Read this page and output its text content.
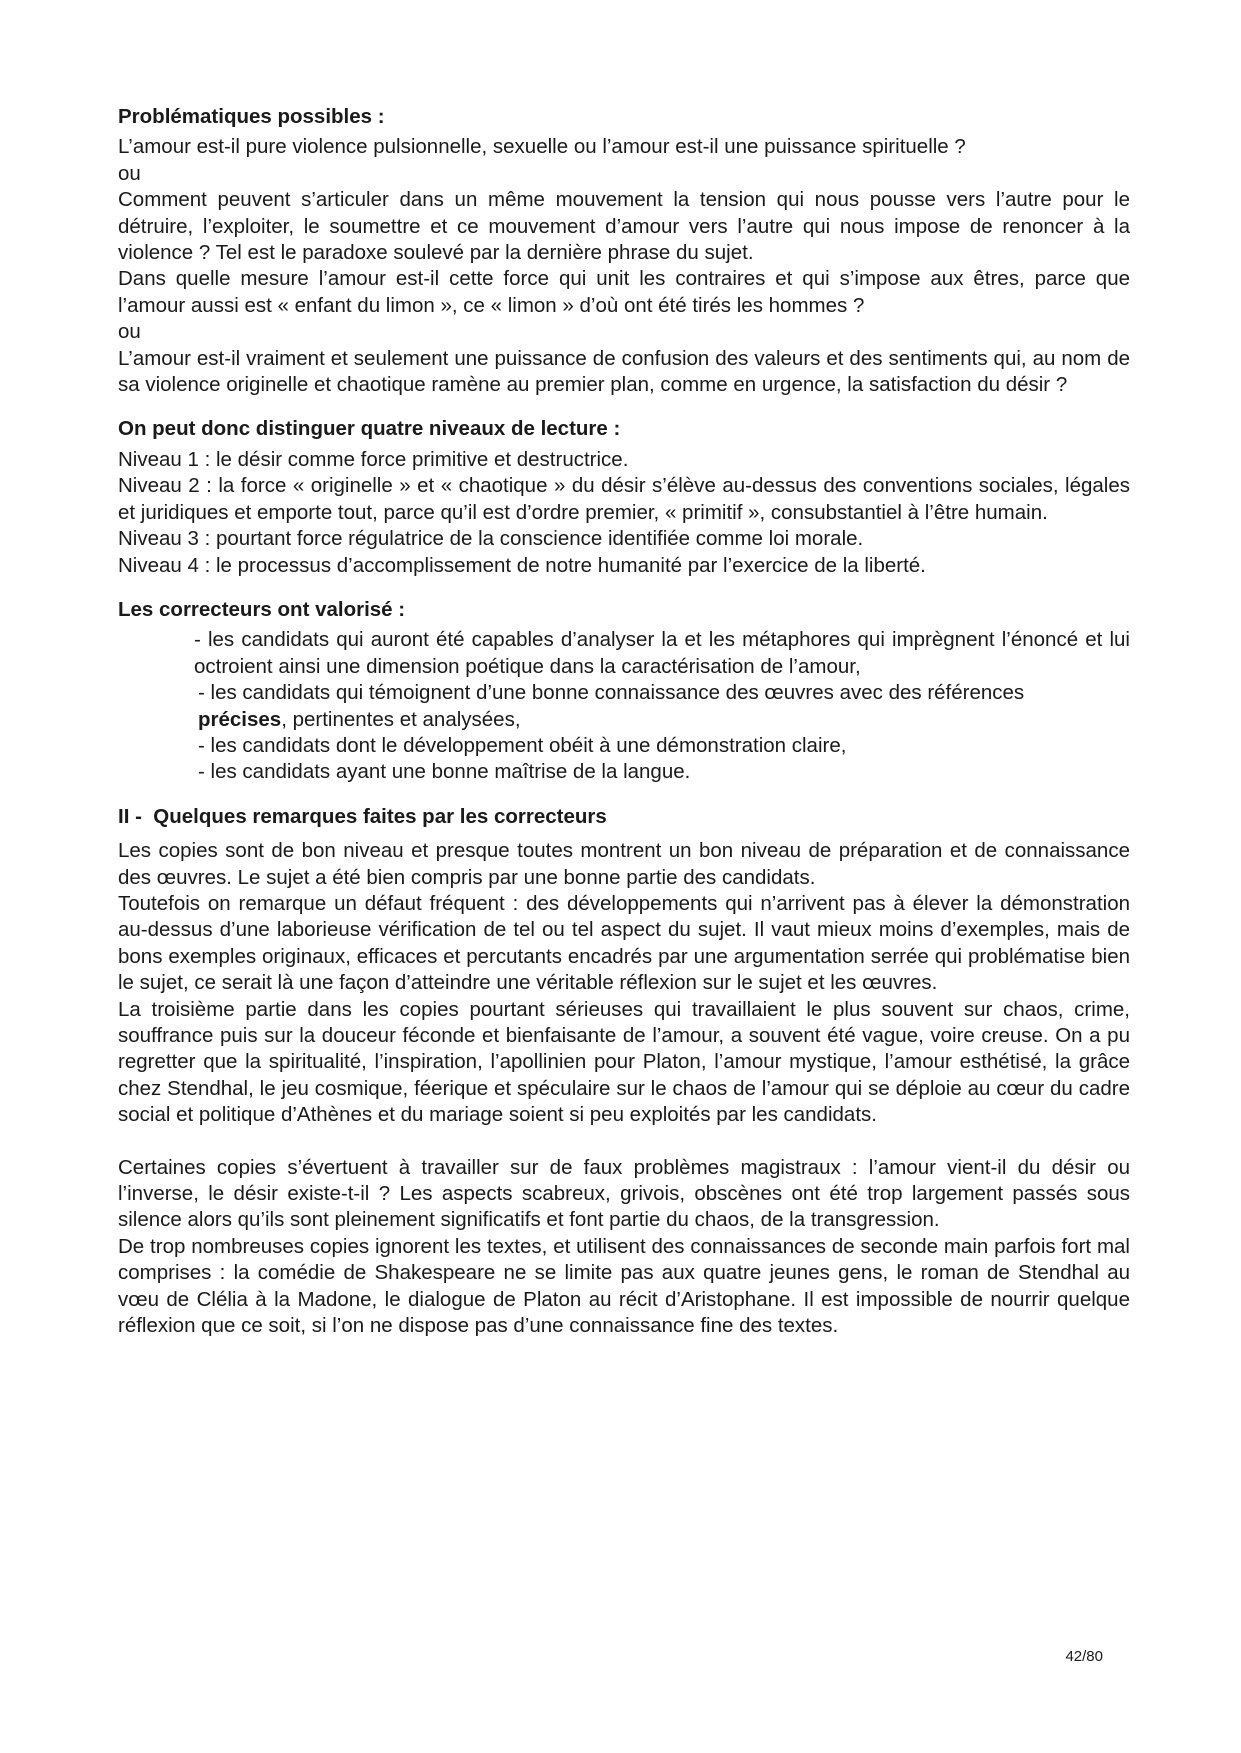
Problématiques possibles :

L’amour est-il pure violence pulsionnelle, sexuelle ou l’amour est-il une puissance spirituelle ?

ou

Comment peuvent s’articuler dans un même mouvement la tension qui nous pousse vers l’autre pour le détruire, l’exploiter, le soumettre et ce mouvement d’amour vers l’autre qui nous impose de renoncer à la violence ? Tel est le paradoxe soulevé par la dernière phrase du sujet.

Dans quelle mesure l’amour est-il cette force qui unit les contraires et qui s’impose aux êtres, parce que l’amour aussi est « enfant du limon », ce « limon » d’où ont été tirés les hommes ?

ou

L’amour est-il vraiment et seulement une puissance de confusion des valeurs et des sentiments qui, au nom de sa violence originelle et chaotique ramène au premier plan, comme en urgence, la satisfaction du désir ?

On peut donc distinguer quatre niveaux de lecture :

Niveau 1 : le désir comme force primitive et destructrice.

Niveau 2 : la force « originelle » et « chaotique » du désir s’élève au-dessus des conventions sociales, légales et juridiques et emporte tout, parce qu’il est d’ordre premier, « primitif », consubstantiel à l’être humain.

Niveau 3 : pourtant force régulatrice de la conscience identifiée comme loi morale.

Niveau 4 : le processus d’accomplissement de notre humanité par l’exercice de la liberté.

Les correcteurs ont valorisé :

- les candidats qui auront été capables d’analyser la et les métaphores qui imprègnent l’énoncé et lui octroient ainsi une dimension poétique dans la caractérisation de l’amour,

- les candidats qui témoignent d’une bonne connaissance des œuvres avec des références
précises, pertinentes et analysées,

- les candidats dont le développement obéit à une démonstration claire,

- les candidats ayant une bonne maîtrise de la langue.

II -  Quelques remarques faites par les correcteurs

Les copies sont de bon niveau et presque toutes montrent un bon niveau de préparation et de connaissance des œuvres. Le sujet a été bien compris par une bonne partie des candidats.

Toutefois on remarque un défaut fréquent : des développements qui n’arrivent pas à élever la démonstration au-dessus d’une laborieuse vérification de tel ou tel aspect du sujet. Il vaut mieux moins d’exemples, mais de bons exemples originaux, efficaces et percutants encadrés par une argumentation serrée qui problématise bien le sujet, ce serait là une façon d’atteindre une véritable réflexion sur le sujet et les œuvres.

La troisième partie dans les copies pourtant sérieuses qui travaillaient le plus souvent sur chaos, crime, souffrance puis sur la douceur féconde et bienfaisante de l’amour, a souvent été vague, voire creuse. On a pu regretter que la spiritualité, l’inspiration, l’apollinien pour Platon, l’amour mystique, l’amour esthétisé, la grâce chez Stendhal, le jeu cosmique, féerique et spéculaire sur le chaos de l’amour qui se déploie au cœur du cadre social et politique d’Athènes et du mariage soient si peu exploités par les candidats.

Certaines copies s’évertuent à travailler sur de faux problèmes magistraux : l’amour vient-il du désir ou l’inverse, le désir existe-t-il ? Les aspects scabreux, grivois, obscènes ont été trop largement passés sous silence alors qu’ils sont pleinement significatifs et font partie du chaos, de la transgression.

De trop nombreuses copies ignorent les textes, et utilisent des connaissances de seconde main parfois fort mal comprises : la comédie de Shakespeare ne se limite pas aux quatre jeunes gens, le roman de Stendhal au vœu de Clélia à la Madone, le dialogue de Platon au récit d’Aristophane. Il est impossible de nourrir quelque réflexion que ce soit, si l’on ne dispose pas d’une connaissance fine des textes.

42/80
